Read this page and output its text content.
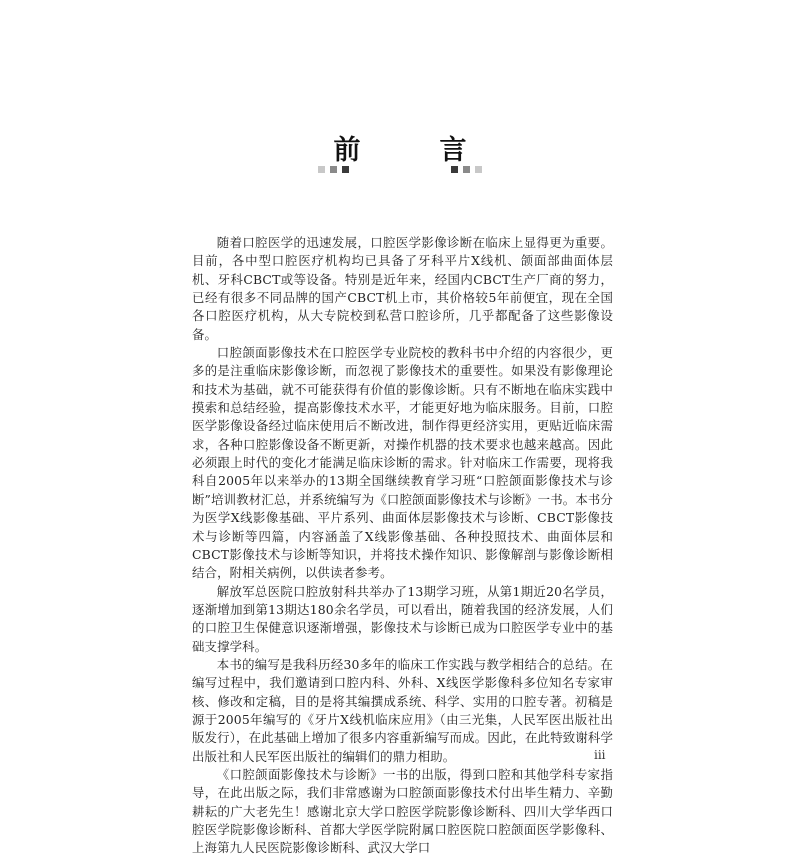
前　言

随着口腔医学的迅速发展，口腔医学影像诊断在临床上显得更为重要。目前，各中型口腔医疗机构均已具备了牙科平片X线机、颌面部曲面体层机、牙科CBCT或等设备。特别是近年来，经国内CBCT生产厂商的努力，已经有很多不同品牌的国产CBCT机上市，其价格较5年前便宜，现在全国各口腔医疗机构，从大专院校到私营口腔诊所，几乎都配备了这些影像设备。

口腔颌面影像技术在口腔医学专业院校的教科书中介绍的内容很少，更多的是注重临床影像诊断，而忽视了影像技术的重要性。如果没有影像理论和技术为基础，就不可能获得有价值的影像诊断。只有不断地在临床实践中摸索和总结经验，提高影像技术水平，才能更好地为临床服务。目前，口腔医学影像设备经过临床使用后不断改进，制作得更经济实用，更贴近临床需求，各种口腔影像设备不断更新，对操作机器的技术要求也越来越高。因此必须跟上时代的变化才能满足临床诊断的需求。针对临床工作需要，现将我科自2005年以来举办的13期全国继续教育学习班“口腔颌面影像技术与诊断”培训教材汇总，并系统编写为《口腔颌面影像技术与诊断》一书。本书分为医学X线影像基础、平片系列、曲面体层影像技术与诊断、CBCT影像技术与诊断等四篇，内容涵盖了X线影像基础、各种投照技术、曲面体层和CBCT影像技术与诊断等知识，并将技术操作知识、影像解剖与影像诊断相结合，附相关病例，以供读者参考。

解放军总医院口腔放射科共举办了13期学习班，从第1期近20名学员，逐渐增加到第13期达180余名学员，可以看出，随着我国的经济发展，人们的口腔卫生保健意识逐渐增强，影像技术与诊断已成为口腔医学专业中的基础支撑学科。

本书的编写是我科历经30多年的临床工作实践与教学相结合的总结。在编写过程中，我们邀请到口腔内科、外科、X线医学影像科多位知名专家审核、修改和定稿，目的是将其编撰成系统、科学、实用的口腔专著。初稿是源于2005年编写的《牙片X线机临床应用》（由三光集，人民军医出版社出版发行），在此基础上增加了很多内容重新编写而成。因此，在此特致谢科学出版社和人民军医出版社的编辑们的鼎力相助。

《口腔颌面影像技术与诊断》一书的出版，得到口腔和其他学科专家指导，在此出版之际，我们非常感谢为口腔颌面影像技术付出毕生精力、辛勤耕耘的广大老先生！感谢北京大学口腔医学院影像诊断科、四川大学华西口腔医学院影像诊断科、首都大学医学院附属口腔医院口腔颌面医学影像科、上海第九人民医院影像诊断科、武汉大学口

iii
